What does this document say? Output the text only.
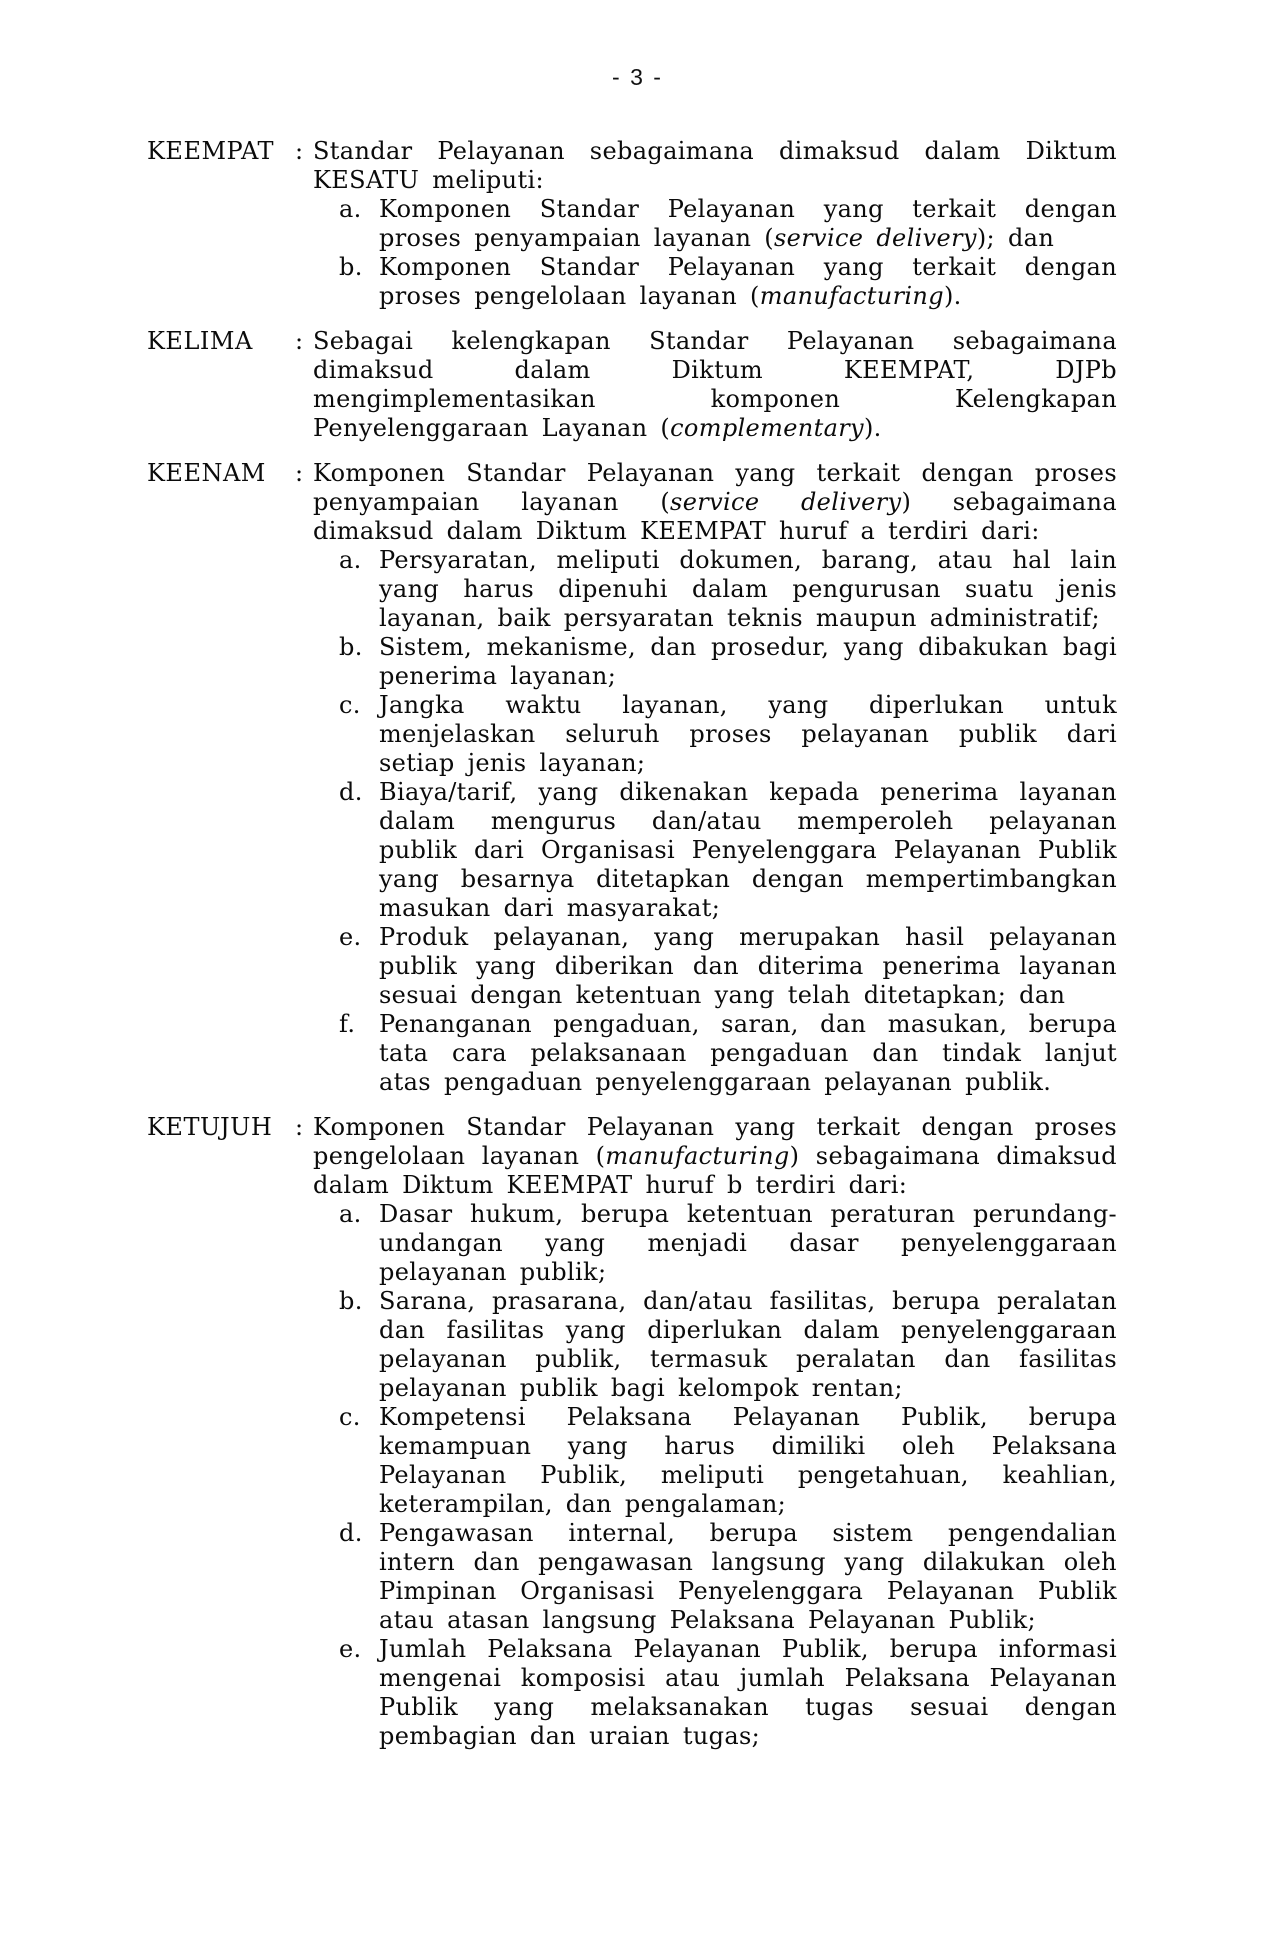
- 3 -
KEEMPAT : Standar Pelayanan sebagaimana dimaksud dalam Diktum KESATU meliputi:

a. Komponen Standar Pelayanan yang terkait dengan proses penyampaian layanan (service delivery); dan
b. Komponen Standar Pelayanan yang terkait dengan proses pengelolaan layanan (manufacturing).
KELIMA	: Sebagai kelengkapan Standar Pelayanan sebagaimana dimaksud dalam Diktum KEEMPAT, DJPb mengimplementasikan komponen Kelengkapan Penyelenggaraan Layanan (complementary).

KEENAM	: Komponen Standar Pelayanan yang terkait dengan proses penyampaian layanan (service delivery) sebagaimana dimaksud dalam Diktum KEEMPAT huruf a terdiri dari:

a. Persyaratan, meliputi dokumen, barang, atau hal lain yang harus dipenuhi dalam pengurusan suatu jenis layanan, baik persyaratan teknis maupun administratif;
b. Sistem, mekanisme, dan prosedur, yang dibakukan bagi penerima layanan;
c. Jangka waktu layanan, yang diperlukan untuk menjelaskan seluruh proses pelayanan publik dari setiap jenis layanan;
d. Biaya/tarif, yang dikenakan kepada penerima layanan dalam mengurus dan/atau memperoleh pelayanan publik dari Organisasi Penyelenggara Pelayanan Publik yang besarnya ditetapkan dengan mempertimbangkan masukan dari masyarakat;
e. Produk pelayanan, yang merupakan hasil pelayanan publik yang diberikan dan diterima penerima layanan sesuai dengan ketentuan yang telah ditetapkan; dan
f. Penanganan pengaduan, saran, dan masukan, berupa tata cara pelaksanaan pengaduan dan tindak lanjut atas pengaduan penyelenggaraan pelayanan publik.
KETUJUH : Komponen Standar Pelayanan yang terkait dengan proses pengelolaan layanan (manufacturing) sebagaimana dimaksud dalam Diktum KEEMPAT huruf b terdiri dari:

a. Dasar hukum, berupa ketentuan peraturan perundang-undangan yang menjadi dasar penyelenggaraan pelayanan publik;
b. Sarana, prasarana, dan/atau fasilitas, berupa peralatan dan fasilitas yang diperlukan dalam penyelenggaraan pelayanan publik, termasuk peralatan dan fasilitas pelayanan publik bagi kelompok rentan;
c. Kompetensi Pelaksana Pelayanan Publik, berupa kemampuan yang harus dimiliki oleh Pelaksana Pelayanan Publik, meliputi pengetahuan, keahlian, keterampilan, dan pengalaman;
d. Pengawasan internal, berupa sistem pengendalian intern dan pengawasan langsung yang dilakukan oleh Pimpinan Organisasi Penyelenggara Pelayanan Publik atau atasan langsung Pelaksana Pelayanan Publik;
e. Jumlah Pelaksana Pelayanan Publik, berupa informasi mengenai komposisi atau jumlah Pelaksana Pelayanan Publik yang melaksanakan tugas sesuai dengan pembagian dan uraian tugas;
